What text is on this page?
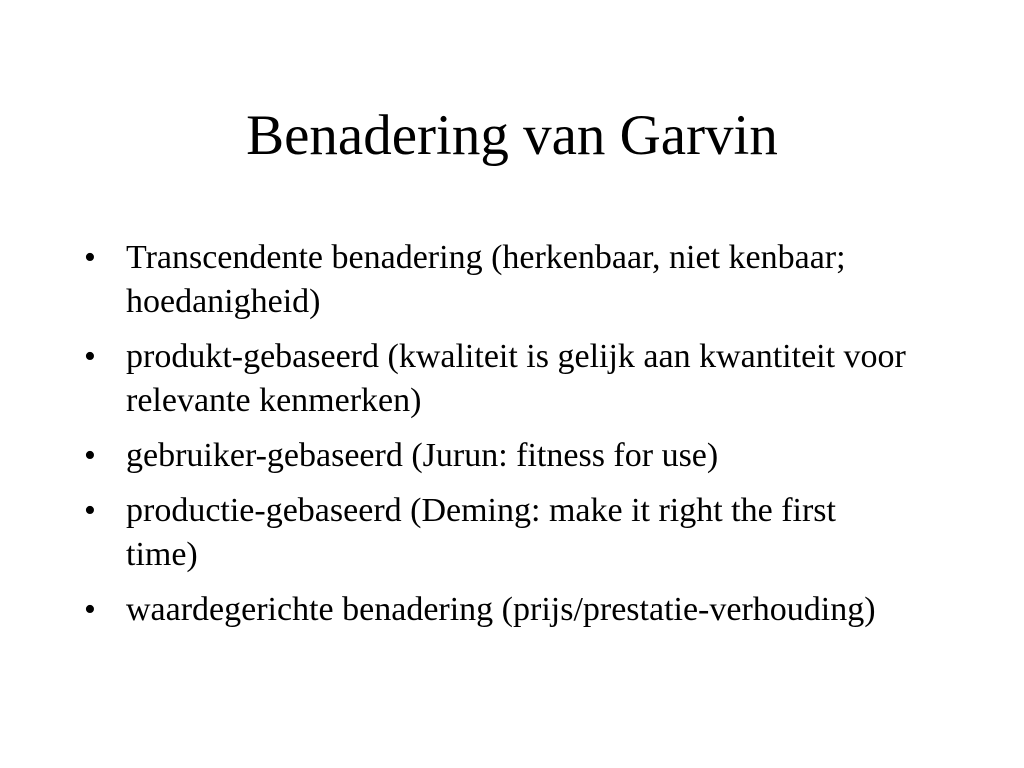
Benadering van Garvin
• Transcendente benadering (herkenbaar, niet kenbaar; hoedanigheid)
• produkt-gebaseerd (kwaliteit is gelijk aan kwantiteit voor relevante kenmerken)
• gebruiker-gebaseerd (Jurun: fitness for use)
• productie-gebaseerd (Deming: make it right the first time)
• waardegerichte benadering (prijs/prestatie-verhouding)
